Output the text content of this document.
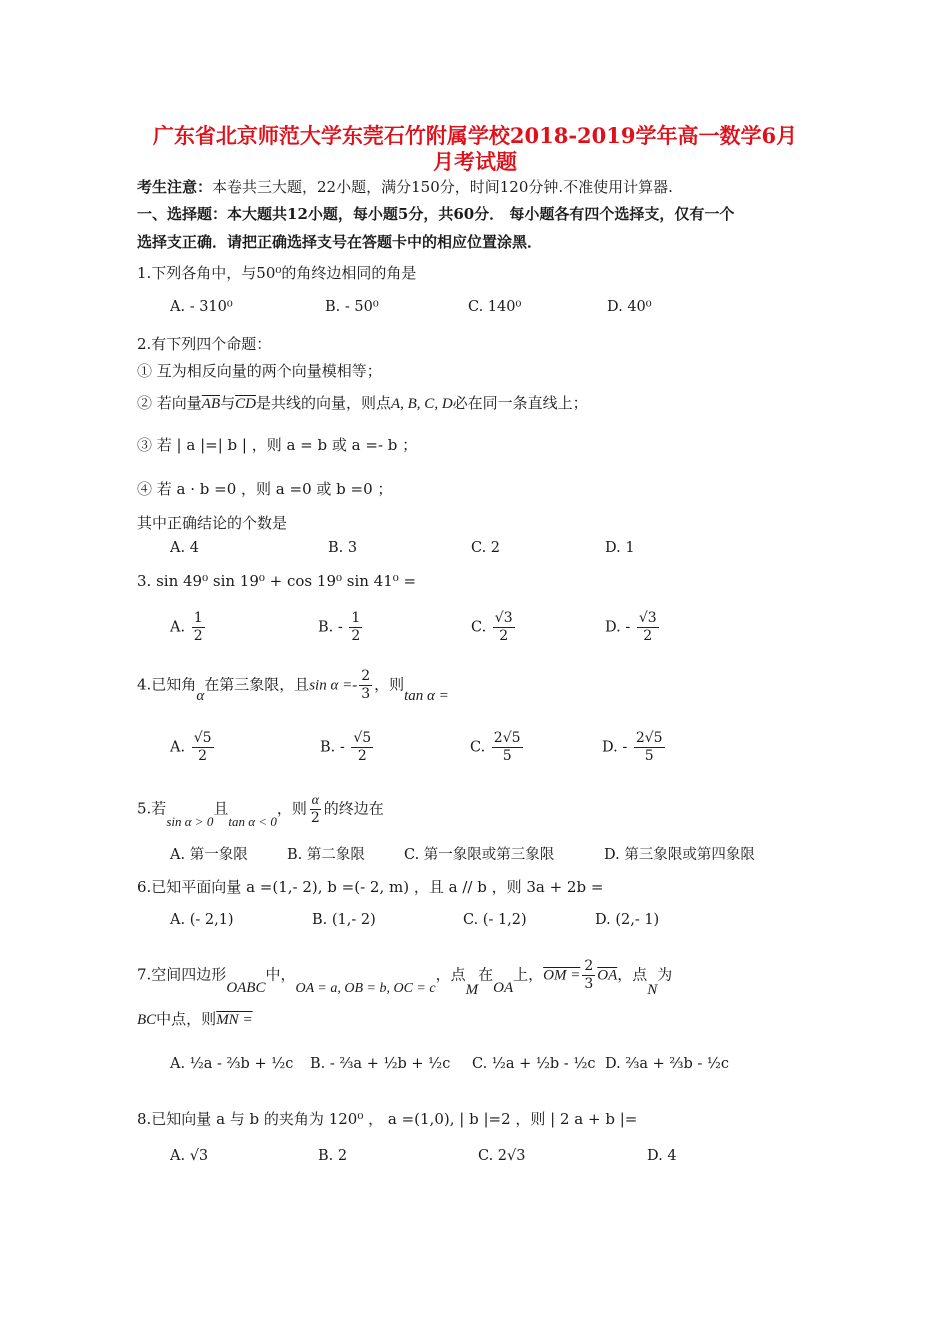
广东省北京师范大学东莞石竹附属学校2018-2019学年高一数学6月
月考试题
考生注意：本卷共三大题，22小题，满分150分，时间120分钟.不准使用计算器.
一、选择题：本大题共12小题，每小题5分，共60分． 每小题各有四个选择支，仅有一个
选择支正确．请把正确选择支号在答题卡中的相应位置涂黑．
1.下列各角中，与50⁰的角终边相同的角是
A. - 310⁰	B. - 50⁰	C. 140⁰	D. 40⁰
2.有下列四个命题：
① 互为相反向量的两个向量模相等；
② 若向量$\overline{AB}$与$\overline{CD}$是共线的向量，则点A, B, C, D必在同一条直线上；
③ 若 | a |=| b | ，则 a = b 或 a =- b ；
④ 若 a · b =0 ，则 a =0 或 b =0 ；
其中正确结论的个数是
A. 4	B. 3	C. 2	D. 1
3. sin 49⁰ sin 19⁰ + cos 19⁰ sin 41⁰ =
A. $\frac{1}{2}$	B. - $\frac{1}{2}$	C. $\frac{√3}{2}$	D. - $\frac{√3}{2}$
4.已知角α在第三象限，且$\sin \alpha =- \frac{2}{3}$ ，则tan α =
A. $\frac{√5}{2}$	B. - $\frac{√5}{2}$	C. $\frac{2√5}{5}$	D. - $\frac{2√5}{5}$
5.若sin α > 0且tan α < 0，则 $\frac{\alpha}{2}$ 的终边在
A. 第一象限	B. 第二象限	C. 第一象限或第三象限	D. 第三象限或第四象限
6.已知平面向量 a =(1,- 2), b =(- 2, m) ，且 a // b ，则 3a + 2b =
A. (- 2,1)	B. (1,- 2)	C. (- 1,2)	D. (2,- 1)
7.空间四边形OABC中，OA = a, OB = b, OC = c，点M在OA上，OM = $\frac{2}{3} \overline{OA}$，点N为
BC中点，则MN =
A. ½a - ⅔b + ½c B. - ⅔a + ½b + ½c C. ½a + ½b - ½c D. ⅔a + ⅔b - ½c
8.已知向量 a 与 b 的夹角为 120⁰ ， a =(1,0), | b |=2 ，则 | 2 a + b |=
A. √3	B. 2	C. 2√3	D. 4
